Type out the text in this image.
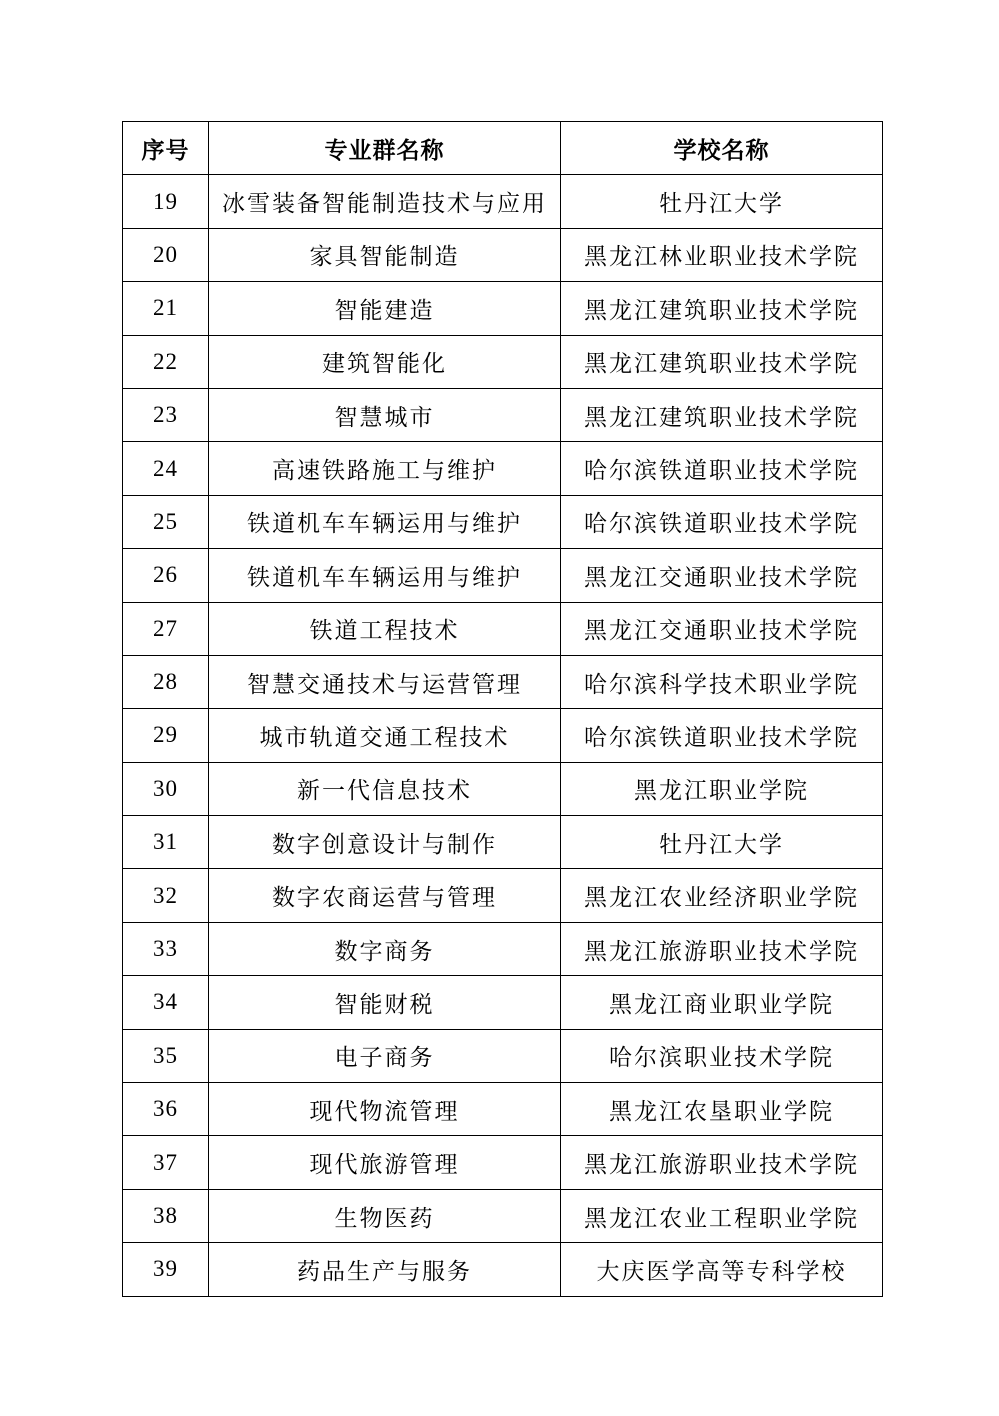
序号	专业群名称	学校名称
19	冰雪装备智能制造技术与应用	牡丹江大学
20	家具智能制造	黑龙江林业职业技术学院
21	智能建造	黑龙江建筑职业技术学院
22	建筑智能化	黑龙江建筑职业技术学院
23	智慧城市	黑龙江建筑职业技术学院
24	高速铁路施工与维护	哈尔滨铁道职业技术学院
25	铁道机车车辆运用与维护	哈尔滨铁道职业技术学院
26	铁道机车车辆运用与维护	黑龙江交通职业技术学院
27	铁道工程技术	黑龙江交通职业技术学院
28	智慧交通技术与运营管理	哈尔滨科学技术职业学院
29	城市轨道交通工程技术	哈尔滨铁道职业技术学院
30	新一代信息技术	黑龙江职业学院
31	数字创意设计与制作	牡丹江大学
32	数字农商运营与管理	黑龙江农业经济职业学院
33	数字商务	黑龙江旅游职业技术学院
34	智能财税	黑龙江商业职业学院
35	电子商务	哈尔滨职业技术学院
36	现代物流管理	黑龙江农垦职业学院
37	现代旅游管理	黑龙江旅游职业技术学院
38	生物医药	黑龙江农业工程职业学院
39	药品生产与服务	大庆医学高等专科学校
